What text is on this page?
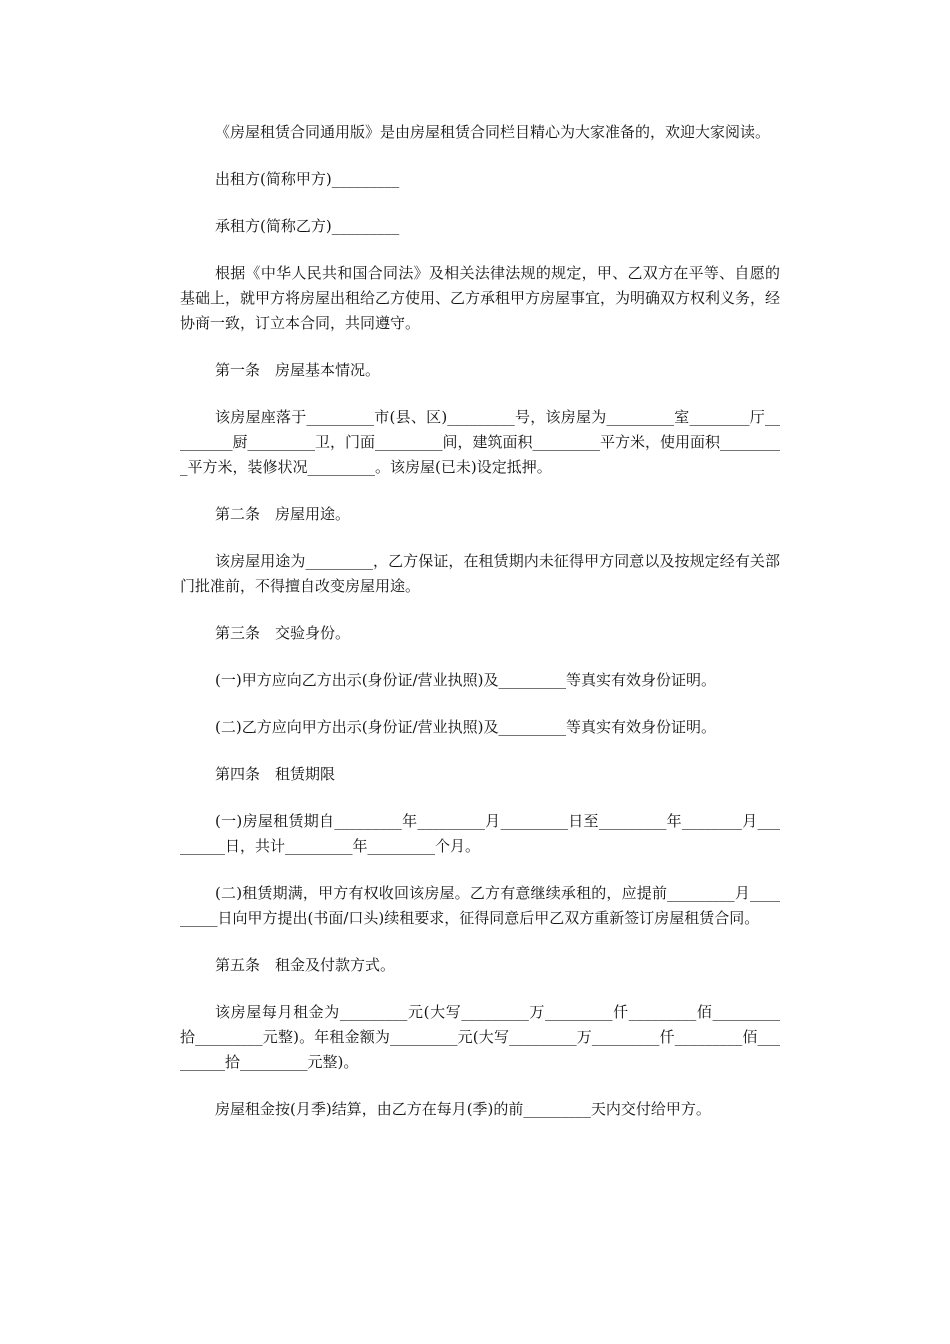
《房屋租赁合同通用版》是由房屋租赁合同栏目精心为大家准备的，欢迎大家阅读。

出租方(简称甲方)_________

承租方(简称乙方)_________

根据《中华人民共和国合同法》及相关法律法规的规定，甲、乙双方在平等、自愿的基础上，就甲方将房屋出租给乙方使用、乙方承租甲方房屋事宜，为明确双方权利义务，经协商一致，订立本合同，共同遵守。

第一条　房屋基本情况。

该房屋座落于_________市(县、区)_________号，该房屋为_________室________厅_________厨_________卫，门面_________间，建筑面积_________平方米，使用面积_________平方米，装修状况_________。该房屋(已未)设定抵押。

第二条　房屋用途。

该房屋用途为_________，乙方保证，在租赁期内未征得甲方同意以及按规定经有关部门批准前，不得擅自改变房屋用途。

第三条　交验身份。

(一)甲方应向乙方出示(身份证/营业执照)及_________等真实有效身份证明。

(二)乙方应向甲方出示(身份证/营业执照)及_________等真实有效身份证明。

第四条　租赁期限

(一)房屋租赁期自_________年_________月_________日至_________年________月_________日，共计_________年_________个月。

(二)租赁期满，甲方有权收回该房屋。乙方有意继续承租的，应提前_________月_________日向甲方提出(书面/口头)续租要求，征得同意后甲乙双方重新签订房屋租赁合同。

第五条　租金及付款方式。

该房屋每月租金为_________元(大写_________万_________仟_________佰_________拾_________元整)。年租金额为_________元(大写_________万_________仟_________佰_________拾_________元整)。

房屋租金按(月季)结算，由乙方在每月(季)的前_________天内交付给甲方。
